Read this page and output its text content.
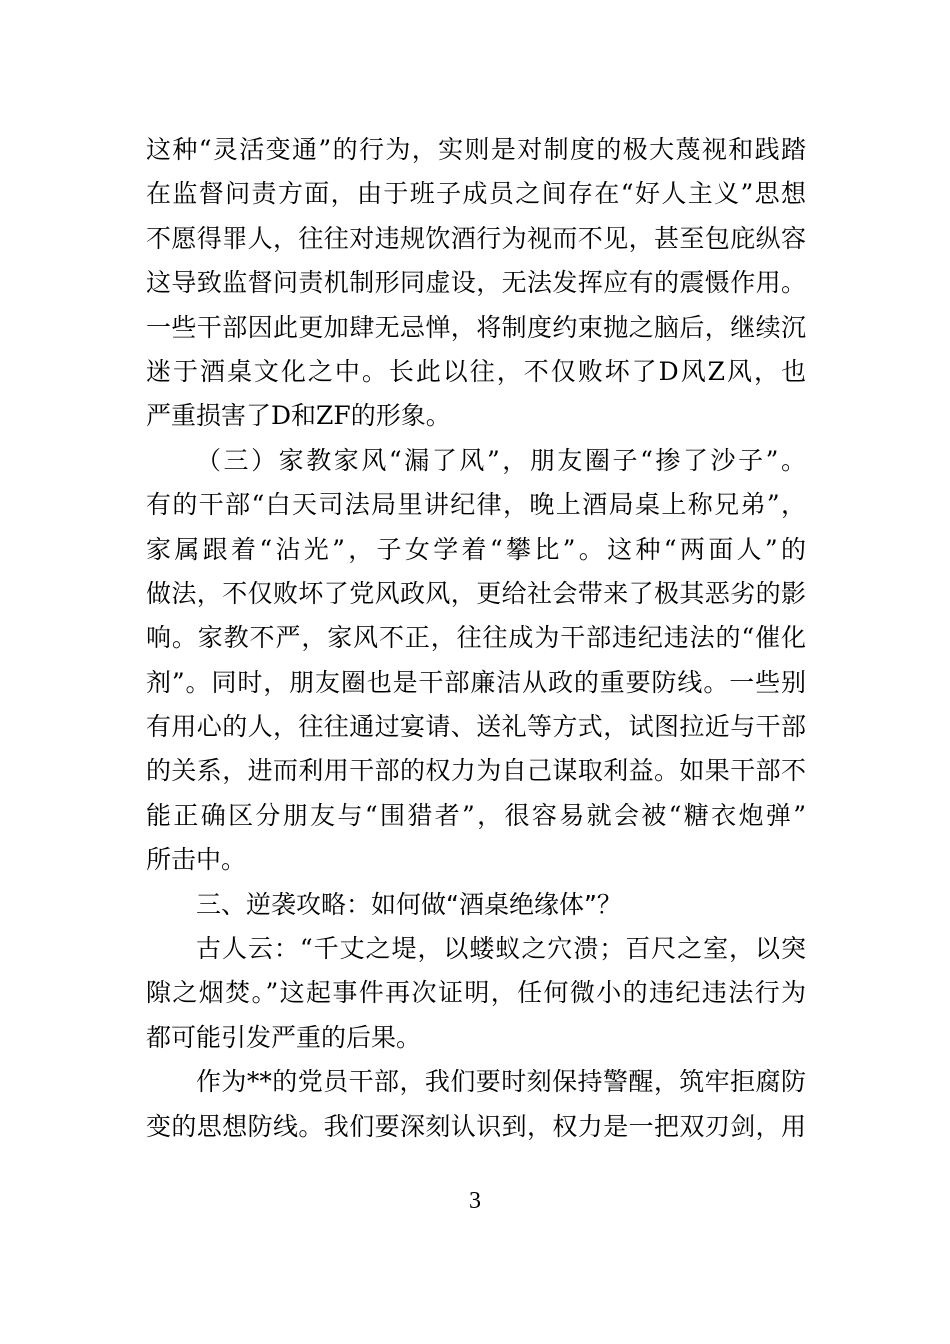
这种“灵活变通”的行为，实则是对制度的极大蔑视和践踏
在监督问责方面，由于班子成员之间存在“好人主义”思想
不愿得罪人，往往对违规饮酒行为视而不见，甚至包庇纵容
这导致监督问责机制形同虚设，无法发挥应有的震慑作用。
一些干部因此更加肆无忌惮，将制度约束抛之脑后，继续沉
迷于酒桌文化之中。长此以往，不仅败坏了D风Z风，也
严重损害了D和ZF的形象。
（三）家教家风“漏了风”，朋友圈子“掺了沙子”。
有的干部“白天司法局里讲纪律，晚上酒局桌上称兄弟”，
家属跟着“沾光”，子女学着“攀比”。这种“两面人”的
做法，不仅败坏了党风政风，更给社会带来了极其恶劣的影
响。家教不严，家风不正，往往成为干部违纪违法的“催化
剂”。同时，朋友圈也是干部廉洁从政的重要防线。一些别
有用心的人，往往通过宴请、送礼等方式，试图拉近与干部
的关系，进而利用干部的权力为自己谋取利益。如果干部不
能正确区分朋友与“围猎者”，很容易就会被“糖衣炮弹”
所击中。
三、逆袭攻略：如何做“酒桌绝缘体”？
古人云：“千丈之堤，以蝼蚁之穴溃；百尺之室，以突
隙之烟焚。”这起事件再次证明，任何微小的违纪违法行为
都可能引发严重的后果。
作为**的党员干部，我们要时刻保持警醒，筑牢拒腐防
变的思想防线。我们要深刻认识到，权力是一把双刃剑，用
3
